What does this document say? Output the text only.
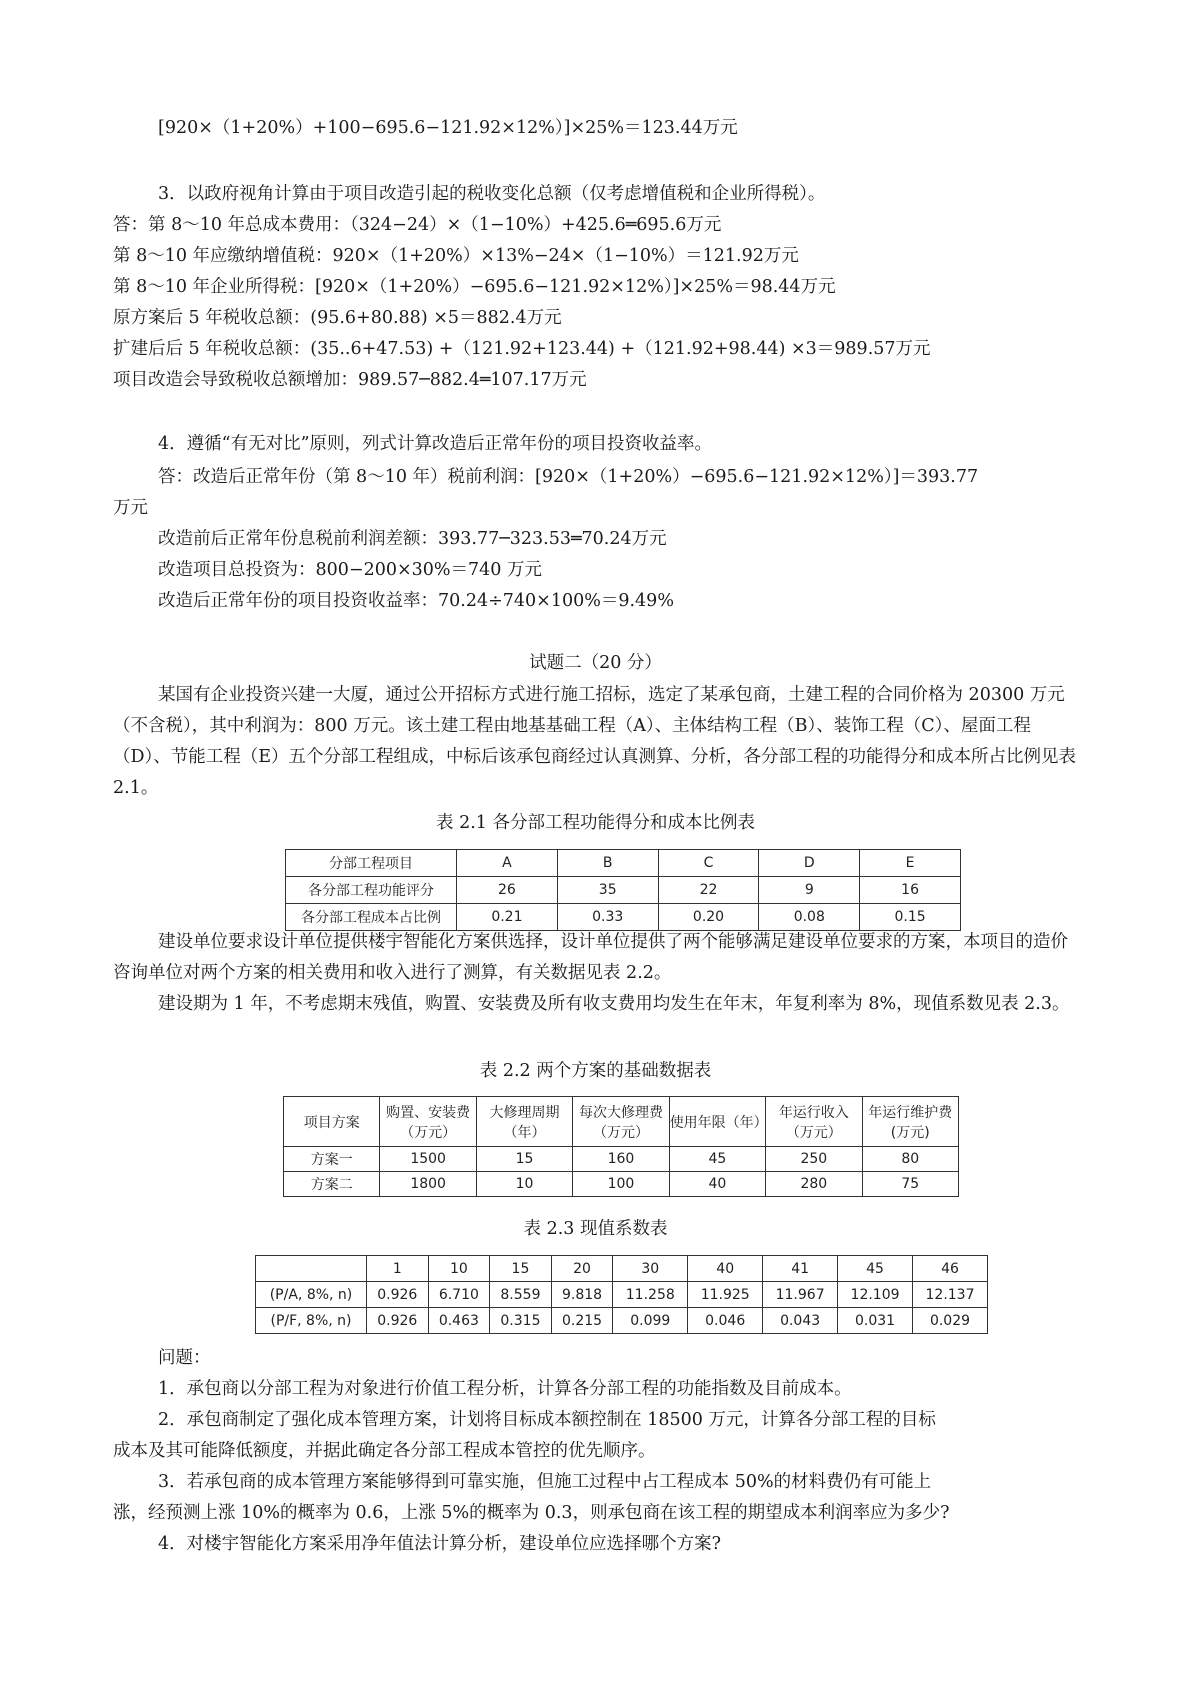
[920×（1+20%）+100−695.6−121.92×12%）]×25%＝123.44万元
3．以政府视角计算由于项目改造引起的税收变化总额（仅考虑增值税和企业所得税）。
答：第 8～10 年总成本费用：（324−24）×（1−10%）+425.6═695.6万元
第 8～10 年应缴纳增值税：920×（1+20%）×13%−24×（1−10%）＝121.92万元
第 8～10 年企业所得税：[920×（1+20%）−695.6−121.92×12%）]×25%＝98.44万元
原方案后 5 年税收总额：(95.6+80.88) ×5＝882.4万元
扩建后后 5 年税收总额：(35..6+47.53) +（121.92+123.44) +（121.92+98.44) ×3＝989.57万元
项目改造会导致税收总额增加：989.57─882.4═107.17万元
4．遵循“有无对比”原则，列式计算改造后正常年份的项目投资收益率。
答：改造后正常年份（第 8～10 年）税前利润：[920×（1+20%）−695.6−121.92×12%）]＝393.77
万元
改造前后正常年份息税前利润差额：393.77─323.53═70.24万元
改造项目总投资为：800−200×30%＝740 万元
改造后正常年份的项目投资收益率：70.24÷740×100%＝9.49%
试题二（20 分）
某国有企业投资兴建一大厦，通过公开招标方式进行施工招标，选定了某承包商，土建工程的合同价格为 20300 万元（不含税），其中利润为：800 万元。该土建工程由地基基础工程（A）、主体结构工程（B）、装饰工程（C）、屋面工程（D）、节能工程（E）五个分部工程组成，中标后该承包商经过认真测算、分析，各分部工程的功能得分和成本所占比例见表 2.1。
表 2.1 各分部工程功能得分和成本比例表
分部工程项目	A	B	C	D	E
各分部工程功能评分	26	35	22	9	16
各分部工程成本占比例	0.21	0.33	0.20	0.08	0.15
建设单位要求设计单位提供楼宇智能化方案供选择，设计单位提供了两个能够满足建设单位要求的方案，本项目的造价咨询单位对两个方案的相关费用和收入进行了测算，有关数据见表 2.2。
建设期为 1 年，不考虑期末残值，购置、安装费及所有收支费用均发生在年末，年复利率为 8%，现值系数见表 2.3。
表 2.2 两个方案的基础数据表
项目方案	购置、安装费（万元）	大修理周期（年）	每次大修理费（万元）	使用年限（年）	年运行收入（万元）	年运行维护费(万元)
方案一	1500	15	160	45	250	80
方案二	1800	10	100	40	280	75
表 2.3 现值系数表
	1	10	15	20	30	40	41	45	46
(P/A, 8%, n)	0.926	6.710	8.559	9.818	11.258	11.925	11.967	12.109	12.137
(P/F, 8%, n)	0.926	0.463	0.315	0.215	0.099	0.046	0.043	0.031	0.029
问题：
1．承包商以分部工程为对象进行价值工程分析，计算各分部工程的功能指数及目前成本。
2．承包商制定了强化成本管理方案，计划将目标成本额控制在 18500 万元，计算各分部工程的目标
成本及其可能降低额度，并据此确定各分部工程成本管控的优先顺序。
3．若承包商的成本管理方案能够得到可靠实施，但施工过程中占工程成本 50%的材料费仍有可能上
涨，经预测上涨 10%的概率为 0.6，上涨 5%的概率为 0.3，则承包商在该工程的期望成本利润率应为多少?
4．对楼宇智能化方案采用净年值法计算分析，建设单位应选择哪个方案?
